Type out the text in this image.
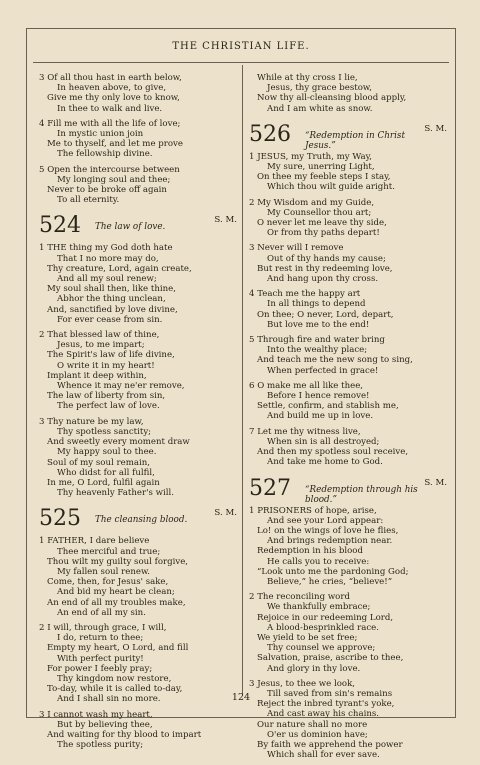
THE CHRISTIAN LIFE.
3 Of all thou hast in earth below,
In heaven above, to give,
Give me thy only love to know,
In thee to walk and live.
4 Fill me with all the life of love;
In mystic union join
Me to thyself, and let me prove
The fellowship divine.
5 Open the intercourse between
My longing soul and thee;
Never to be broke off again
To all eternity.
524 The law of love.
S. M.
1 THE thing my God doth hate
That I no more may do,
Thy creature, Lord, again create,
And all my soul renew;
My soul shall then, like thine,
Abhor the thing unclean,
And, sanctified by love divine,
For ever cease from sin.
2 That blessed law of thine,
Jesus, to me impart;
The Spirit's law of life divine,
O write it in my heart!
Implant it deep within,
Whence it may ne'er remove,
The law of liberty from sin,
The perfect law of love.
3 Thy nature be my law,
Thy spotless sanctity;
And sweetly every moment draw
My happy soul to thee.
Soul of my soul remain,
Who didst for all fulfil,
In me, O Lord, fulfil again
Thy heavenly Father's will.
525 The cleansing blood.
S. M.
1 FATHER, I dare believe
Thee merciful and true;
Thou wilt my guilty soul forgive,
My fallen soul renew.
Come, then, for Jesus' sake,
And bid my heart be clean;
An end of all my troubles make,
An end of all my sin.
2 I will, through grace, I will,
I do, return to thee;
Empty my heart, O Lord, and fill
With perfect purity!
For power I feebly pray;
Thy kingdom now restore,
To-day, while it is called to-day,
And I shall sin no more.
3 I cannot wash my heart,
But by believing thee,
And waiting for thy blood to impart
The spotless purity;
While at thy cross I lie,
Jesus, thy grace bestow,
Now thy all-cleansing blood apply,
And I am white as snow.
526 “Redemption in Christ Jesus.”
S. M.
1 JESUS, my Truth, my Way,
My sure, unerring Light,
On thee my feeble steps I stay,
Which thou wilt guide aright.
2 My Wisdom and my Guide,
My Counsellor thou art;
O never let me leave thy side,
Or from thy paths depart!
3 Never will I remove
Out of thy hands my cause;
But rest in thy redeeming love,
And hang upon thy cross.
4 Teach me the happy art
In all things to depend
On thee; O never, Lord, depart,
But love me to the end!
5 Through fire and water bring
Into the wealthy place;
And teach me the new song to sing,
When perfected in grace!
6 O make me all like thee,
Before I hence remove!
Settle, confirm, and stablish me,
And build me up in love.
7 Let me thy witness live,
When sin is all destroyed;
And then my spotless soul receive,
And take me home to God.
527 “Redemption through his blood.”
S. M.
1 PRISONERS of hope, arise,
And see your Lord appear:
Lo! on the wings of love he flies,
And brings redemption near.
Redemption in his blood
He calls you to receive:
“Look unto me the pardoning God;
Believe,” he cries, “believe!”
2 The reconciling word
We thankfully embrace;
Rejoice in our redeeming Lord,
A blood-besprinkled race.
We yield to be set free;
Thy counsel we approve;
Salvation, praise, ascribe to thee,
And glory in thy love.
3 Jesus, to thee we look,
Till saved from sin's remains
Reject the inbred tyrant's yoke,
And cast away his chains.
Our nature shall no more
O'er us dominion have;
By faith we apprehend the power
Which shall for ever save.
124
